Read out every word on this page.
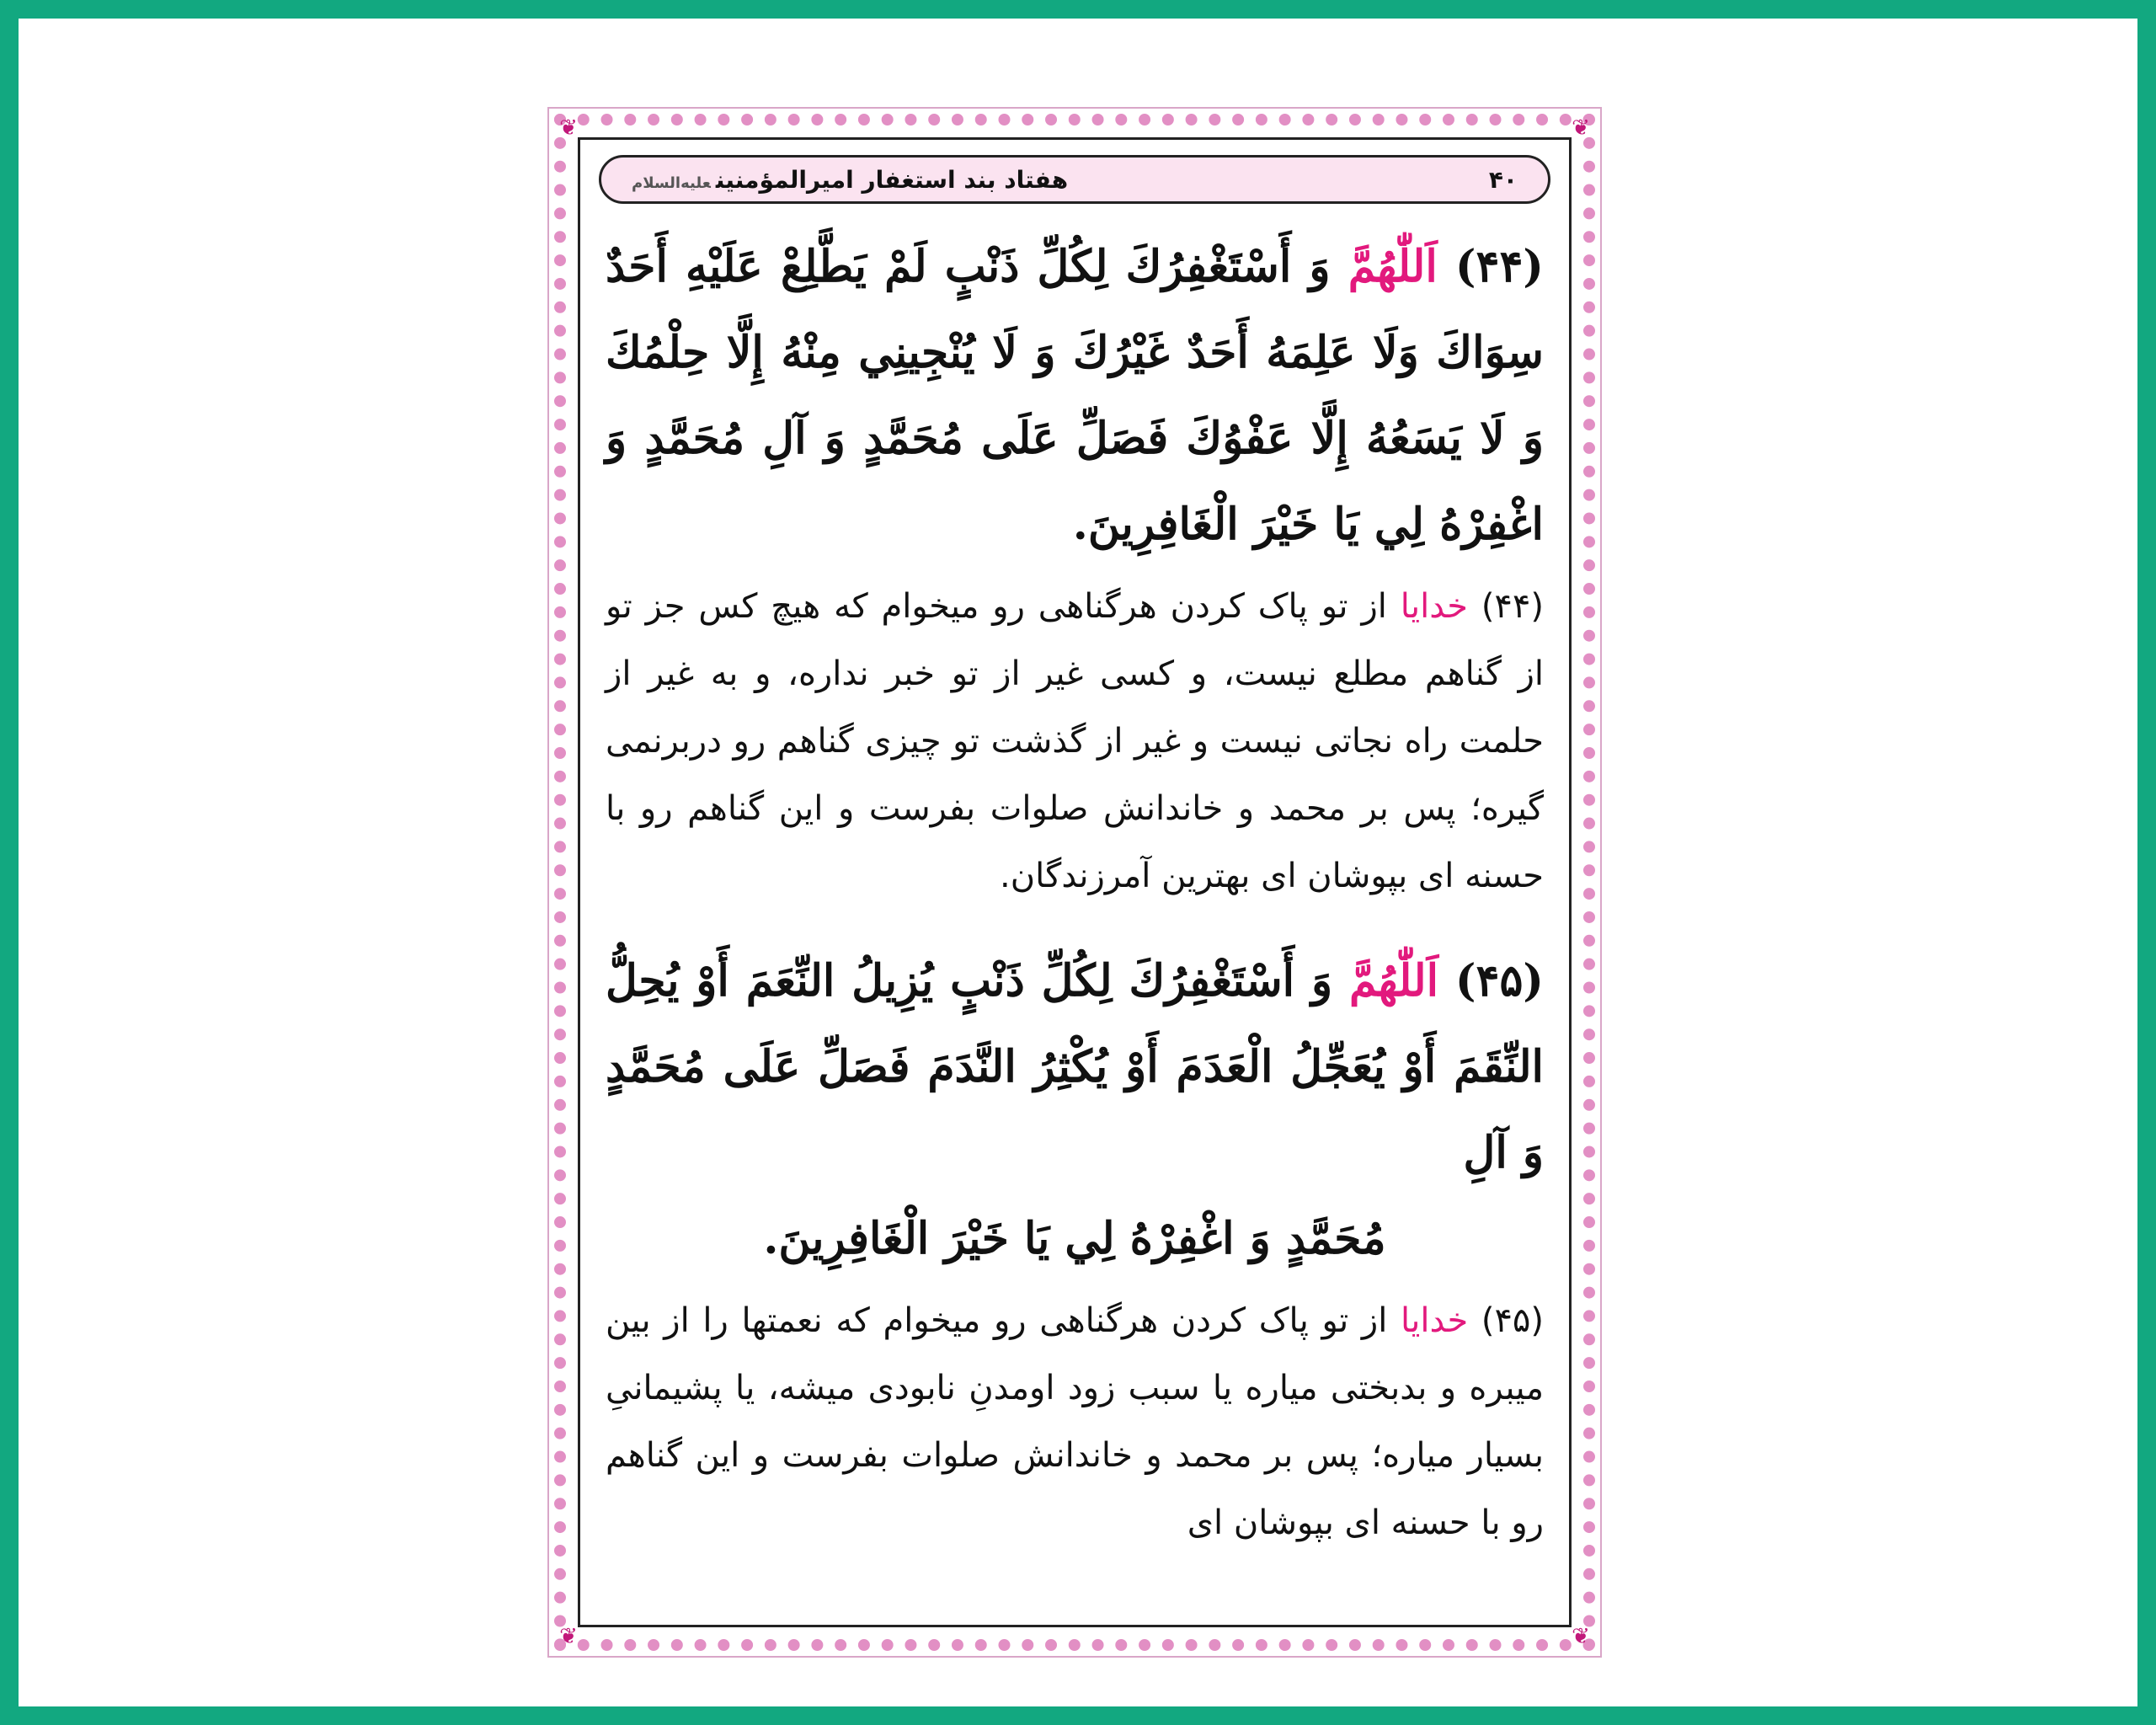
❦	❦
❦	❦
۴۰
هفتاد بند استغفار امیرالمؤمنینعلیه‌السلام

(۴۴) اَللّٰهُمَّ وَ أَسْتَغْفِرُكَ لِكُلِّ ذَنْبٍ لَمْ يَطَّلِعْ عَلَيْهِ أَحَدٌ سِوَاكَ وَلَا عَلِمَهُ أَحَدٌ غَيْرُكَ وَ لَا يُنْجِينِي مِنْهُ إِلَّا حِلْمُكَ وَ لَا يَسَعُهُ إِلَّا عَفْوُكَ فَصَلِّ عَلَى مُحَمَّدٍ وَ آلِ مُحَمَّدٍ وَ اغْفِرْهُ لِي يَا خَيْرَ الْغَافِرِينَ.

(۴۴) خدایا از تو پاک کردن هرگناهی رو میخوام که هیچ کس جز تو از گناهم مطلع نیست، و کسی غیر از تو خبر نداره، و به غیر از حلمت راه نجاتی نیست و غیر از گذشت تو چیزی گناهم رو دربرنمی گیره؛ پس بر محمد و خاندانش صلوات بفرست و این گناهم رو با حسنه ای بپوشان ای بهترین آمرزندگان.

(۴۵) اَللّٰهُمَّ وَ أَسْتَغْفِرُكَ لِكُلِّ ذَنْبٍ يُزِيلُ النِّعَمَ أَوْ يُحِلُّ النِّقَمَ أَوْ يُعَجِّلُ الْعَدَمَ أَوْ يُكْثِرُ النَّدَمَ فَصَلِّ عَلَى مُحَمَّدٍ وَ آلِ

مُحَمَّدٍ وَ اغْفِرْهُ لِي يَا خَيْرَ الْغَافِرِينَ.

(۴۵) خدایا از تو پاک کردن هرگناهی رو میخوام که نعمتها را از بین میبره و بدبختی میاره یا سبب زود اومدنِ نابودی میشه، یا پشیمانیِ بسیار میاره؛ پس بر محمد و خاندانش صلوات بفرست و این گناهم رو با حسنه ای بپوشان ای
